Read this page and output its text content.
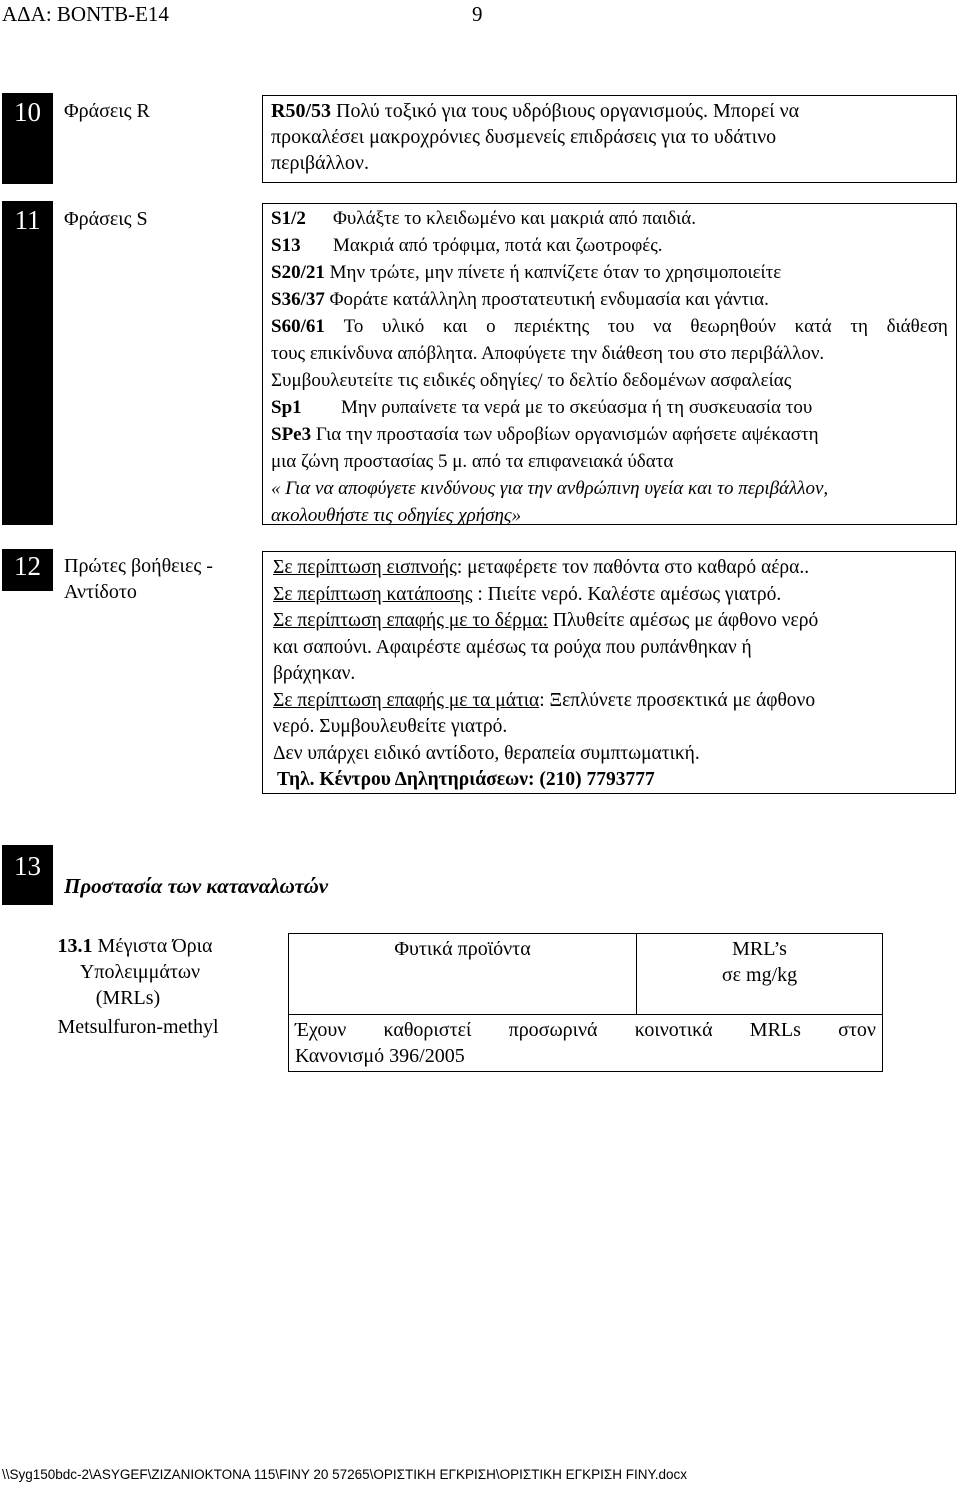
ΑΔΑ: ΒΟΝΤΒ-Ε14	9
10	Φράσεις R	R50/53 Πολύ τοξικό για τους υδρόβιους οργανισμούς. Μπορεί να
προκαλέσει μακροχρόνιες δυσμενείς επιδράσεις για το υδάτινο
περιβάλλον.
11	Φράσεις S	S1/2 Φυλάξτε το κλειδωμένο και μακριά από παιδιά.
S13 Μακριά από τρόφιμα, ποτά και ζωοτροφές.
S20/21 Μην τρώτε, μην πίνετε ή καπνίζετε όταν το χρησιμοποιείτε
S36/37 Φοράτε κατάλληλη προστατευτική ενδυμασία και γάντια.
S60/61 Το υλικό και ο περιέκτης του να θεωρηθούν κατά τη διάθεση
τους επικίνδυνα απόβλητα. Αποφύγετε την διάθεση του στο περιβάλλον.
Συμβουλευτείτε τις ειδικές οδηγίες/ το δελτίο δεδομένων ασφαλείας
Sp1 Μην ρυπαίνετε τα νερά με το σκεύασμα ή τη συσκευασία του
SPe3 Για την προστασία των υδροβίων οργανισμών αφήσετε αψέκαστη
μια ζώνη προστασίας 5 μ. από τα επιφανειακά ύδατα
« Για να αποφύγετε κινδύνους για την ανθρώπινη υγεία και το περιβάλλον,
ακολουθήστε τις οδηγίες χρήσης»
12	Πρώτες βοήθειες -
Αντίδοτο
Σε περίπτωση εισπνοής: μεταφέρετε τον παθόντα στο καθαρό αέρα..
Σε περίπτωση κατάποσης : Πιείτε νερό. Καλέστε αμέσως γιατρό.
Σε περίπτωση επαφής με το δέρμα: Πλυθείτε αμέσως με άφθονο νερό
και σαπούνι. Αφαιρέστε αμέσως τα ρούχα που ρυπάνθηκαν ή
βράχηκαν.
Σε περίπτωση επαφής με τα μάτια: Ξεπλύνετε προσεκτικά με άφθονο
νερό. Συμβουλευθείτε γιατρό.
Δεν υπάρχει ειδικό αντίδοτο, θεραπεία συμπτωματική.
Τηλ. Κέντρου Δηλητηριάσεων: (210) 7793777
13
Προστασία των καταναλωτών
13.1 Μέγιστα Όρια
Υπολειμμάτων
(MRLs)
Metsulfuron-methyl
Φυτικά προϊόντα	MRL’s
σε mg/kg

Έχουν καθοριστεί προσωρινά κοινοτικά MRLs στον
Κανονισμό 396/2005
\\Syg150bdc-2\ASYGEF\ZIZANIOKTONA 115\FINY 20 57265\ΟΡΙΣΤΙΚΗ ΕΓΚΡΙΣΗ\ΟΡΙΣΤΙΚΗ ΕΓΚΡΙΣΗ FINY.docx
